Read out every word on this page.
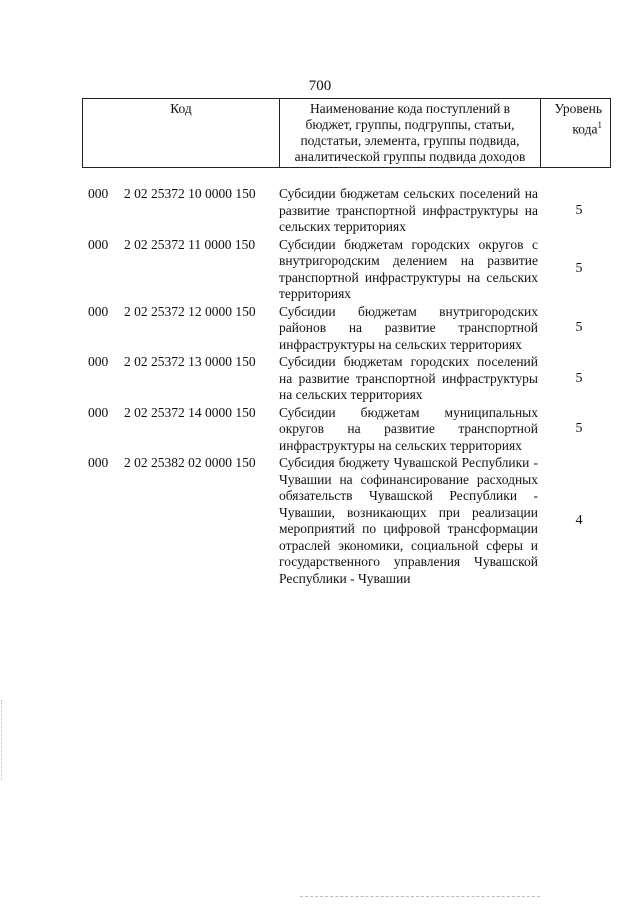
700
Код	Наименование кода поступлений в
бюджет, группы, подгруппы, статьи,
подстатьи, элемента, группы подвида,
аналитической группы подвида доходов	Уровень
кода$^1$
000	2 02 25372 10 0000 150	Субсидии бюджетам сельских поселений на развитие транспортной инфраструктуры на сельских территориях
5
000	2 02 25372 11 0000 150	Субсидии бюджетам городских округов с внутригородским делением на развитие транспортной инфраструктуры на сельских территориях
5
000	2 02 25372 12 0000 150	Субсидии бюджетам внутригородских районов на развитие транспортной инфраструктуры на сельских территориях
5
000	2 02 25372 13 0000 150	Субсидии бюджетам городских поселений на развитие транспортной инфраструктуры на сельских территориях
5
000	2 02 25372 14 0000 150	Субсидии бюджетам муниципальных округов на развитие транспортной инфраструктуры на сельских территориях
5
000	2 02 25382 02 0000 150	Субсидия бюджету Чувашской Республики - Чувашии на софинансирование расходных обязательств Чувашской Республики - Чувашии, возникающих при реализации мероприятий по цифровой трансформации отраслей экономики, социальной сферы и государственного управления Чувашской Республики - Чувашии
4
